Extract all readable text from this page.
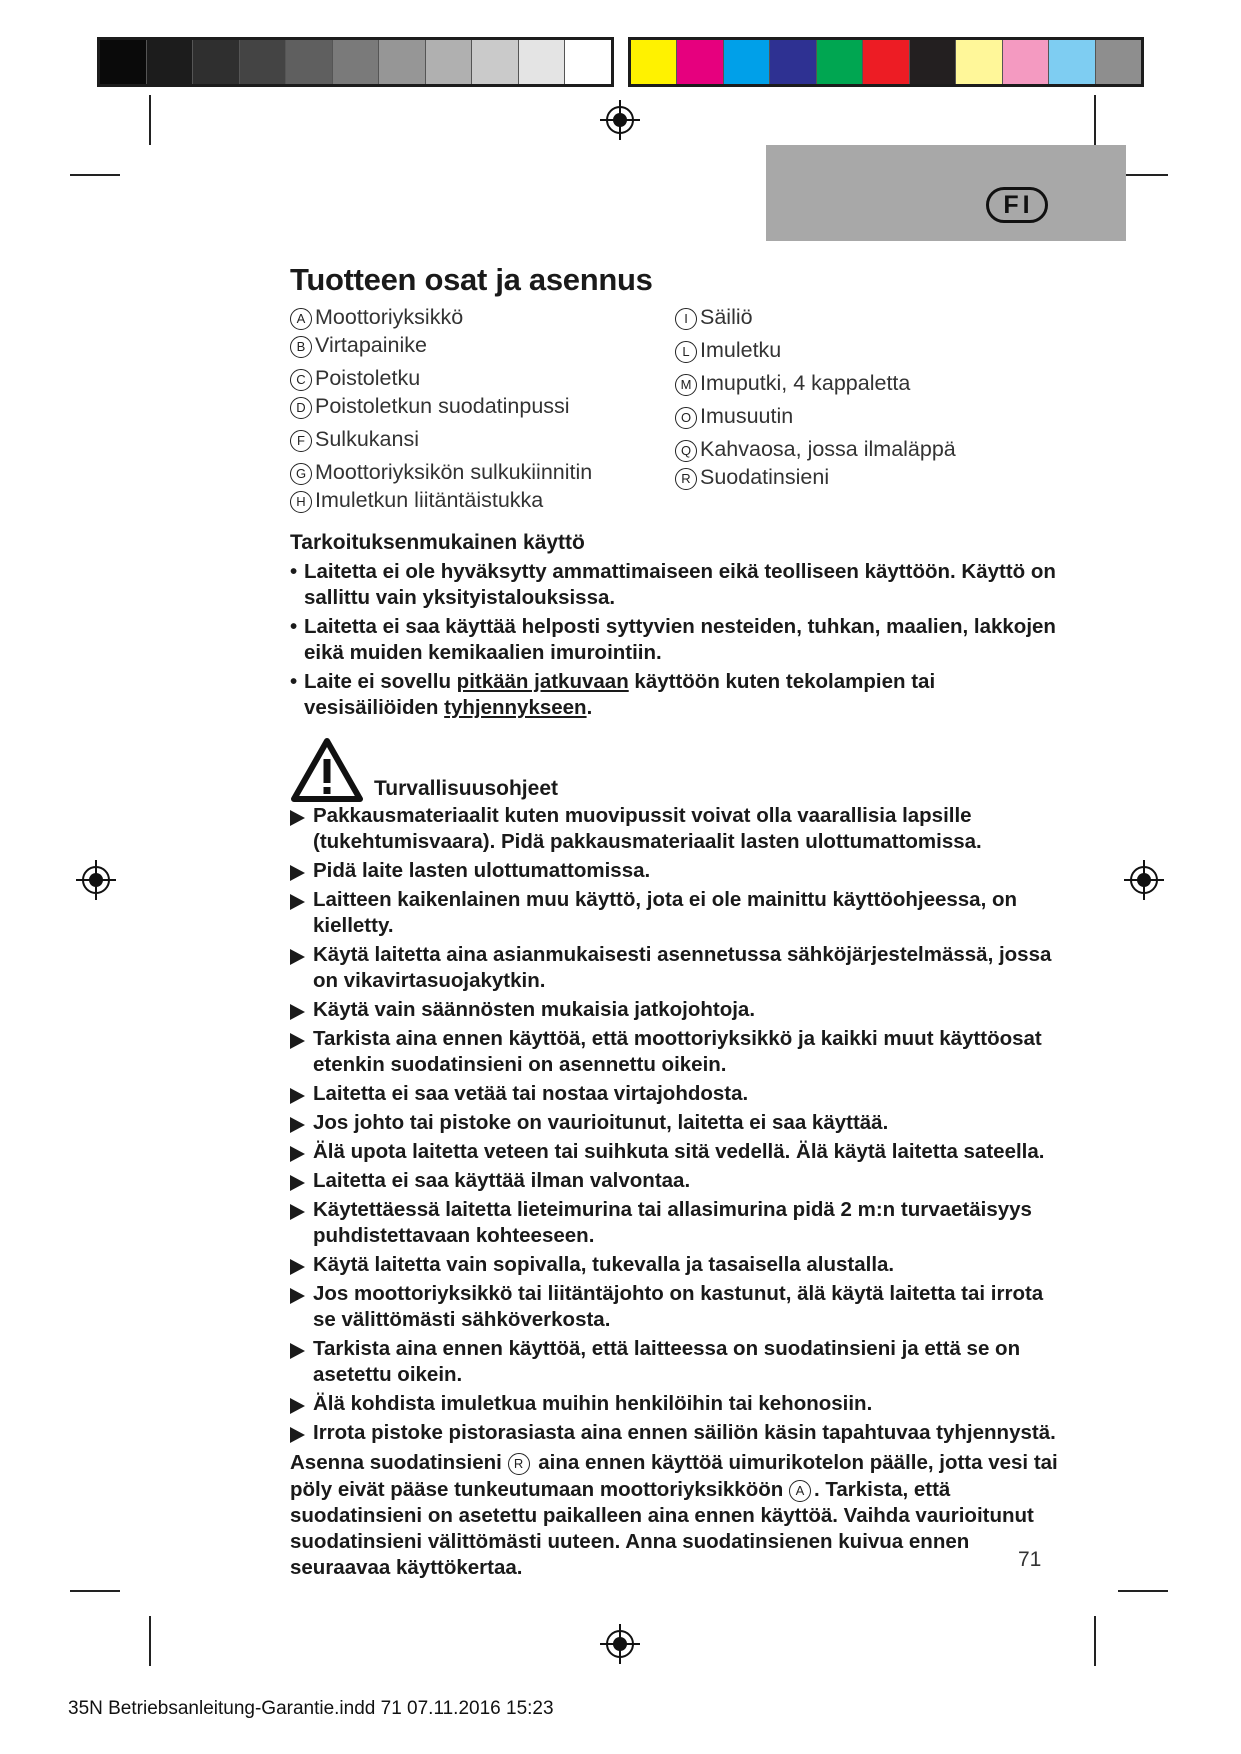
FI
Tuotteen osat ja asennus
A Moottoriyksikkö
B Virtapainike
C Poistoletku
D Poistoletkun suodatinpussi
F Sulkukansi
G Moottoriyksikön sulkukiinnitin
H Imuletkun liitäntäistukka
I Säiliö
L Imuletku
M Imuputki, 4 kappaletta
O Imusuutin
Q Kahvaosa, jossa ilmaläppä
R Suodatinsieni
Tarkoituksenmukainen käyttö
• Laitetta ei ole hyväksytty ammattimaiseen eikä teolliseen käyttöön. Käyttö on sallittu vain yksityistalouksissa.
• Laitetta ei saa käyttää helposti syttyvien nesteiden, tuhkan, maalien, lakkojen eikä muiden kemikaalien imurointiin.
• Laite ei sovellu pitkään jatkuvaan käyttöön kuten tekolampien tai vesisäiliöiden tyhjennykseen.
Turvallisuusohjeet
Pakkausmateriaalit kuten muovipussit voivat olla vaarallisia lapsille (tukehtumisvaara). Pidä pakkausmateriaalit lasten ulottumattomissa.
Pidä laite lasten ulottumattomissa.
Laitteen kaikenlainen muu käyttö, jota ei ole mainittu käyttöohjeessa, on kielletty.
Käytä laitetta aina asianmukaisesti asennetussa sähköjärjestelmässä, jossa on vikavirtasuojakytkin.
Käytä vain säännösten mukaisia jatkojohtoja.
Tarkista aina ennen käyttöä, että moottoriyksikkö ja kaikki muut käyttöosat etenkin suodatinsieni on asennettu oikein.
Laitetta ei saa vetää tai nostaa virtajohdosta.
Jos johto tai pistoke on vaurioitunut, laitetta ei saa käyttää.
Älä upota laitetta veteen tai suihkuta sitä vedellä. Älä käytä laitetta sateella.
Laitetta ei saa käyttää ilman valvontaa.
Käytettäessä laitetta lieteimurina tai allasimurina pidä 2 m:n turvaetäisyys puhdistettavaan kohteeseen.
Käytä laitetta vain sopivalla, tukevalla ja tasaisella alustalla.
Jos moottoriyksikkö tai liitäntäjohto on kastunut, älä käytä laitetta tai irrota se välittömästi sähköverkosta.
Tarkista aina ennen käyttöä, että laitteessa on suodatinsieni ja että se on asetettu oikein.
Älä kohdista imuletkua muihin henkilöihin tai kehonosiin.
Irrota pistoke pistorasiasta aina ennen säiliön käsin tapahtuvaa tyhjennystä.
Asenna suodatinsieni R aina ennen käyttöä uimurikotelon päälle, jotta vesi tai pöly eivät pääse tunkeutumaan moottoriyksikköön A . Tarkista, että suodatinsieni on asetettu paikalleen aina ennen käyttöä. Vaihda vaurioitunut suodatinsieni välittömästi uuteen. Anna suodatinsienen kuivua ennen seuraavaa käyttökertaa.	71
35N Betriebsanleitung-Garantie.indd 71 07.11.2016 15:23
